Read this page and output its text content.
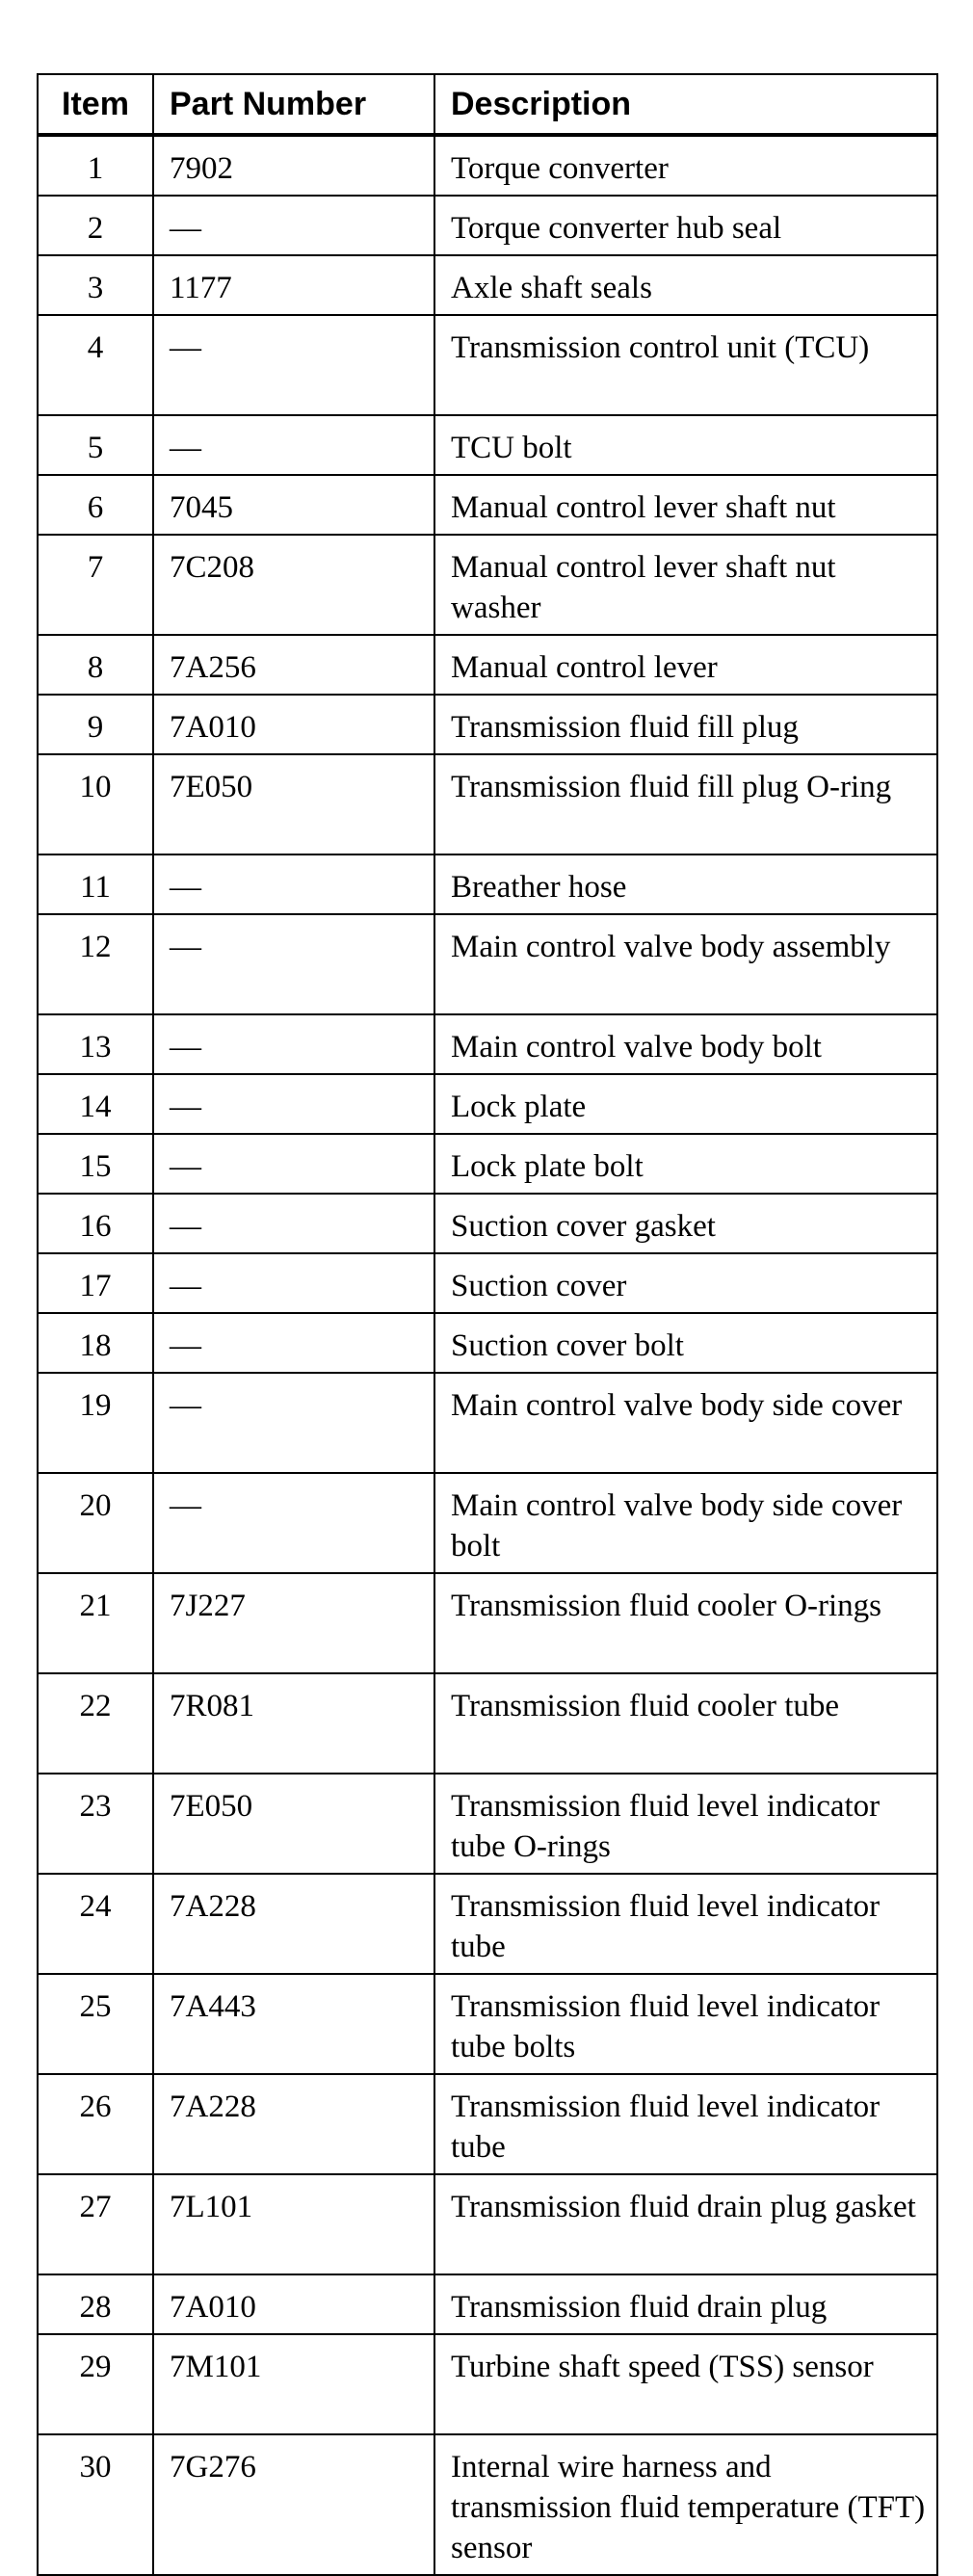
Item	Part Number	Description
1	7902	Torque converter
2	—	Torque converter hub seal
3	1177	Axle shaft seals
4	—	Transmission control unit (TCU)
5	—	TCU bolt
6	7045	Manual control lever shaft nut
7	7C208	Manual control lever shaft nut washer
8	7A256	Manual control lever
9	7A010	Transmission fluid fill plug
10	7E050	Transmission fluid fill plug O-ring
11	—	Breather hose
12	—	Main control valve body assembly
13	—	Main control valve body bolt
14	—	Lock plate
15	—	Lock plate bolt
16	—	Suction cover gasket
17	—	Suction cover
18	—	Suction cover bolt
19	—	Main control valve body side cover
20	—	Main control valve body side cover bolt
21	7J227	Transmission fluid cooler O-rings
22	7R081	Transmission fluid cooler tube
23	7E050	Transmission fluid level indicator tube O-rings
24	7A228	Transmission fluid level indicator tube
25	7A443	Transmission fluid level indicator tube bolts
26	7A228	Transmission fluid level indicator tube
27	7L101	Transmission fluid drain plug gasket
28	7A010	Transmission fluid drain plug
29	7M101	Turbine shaft speed (TSS) sensor
30	7G276	Internal wire harness and transmission fluid temperature (TFT) sensor
